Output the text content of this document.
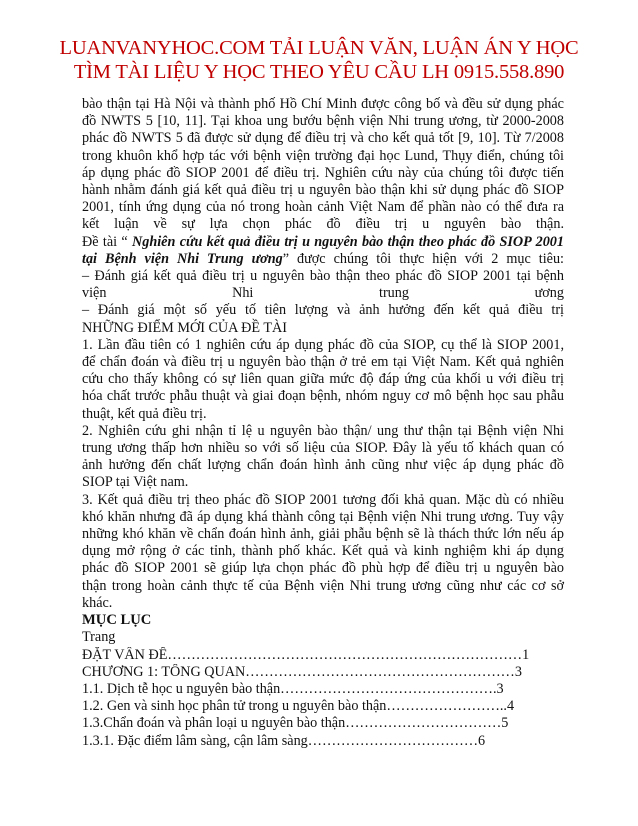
LUANVANYHOC.COM TẢI LUẬN VĂN, LUẬN ÁN Y HỌC
TÌM TÀI LIỆU Y HỌC THEO YÊU CẦU LH 0915.558.890

bào thận tại Hà Nội và thành phố Hồ Chí Minh được công bố và đều sử dụng phác

đồ NWTS 5 [10, 11]. Tại khoa ung bướu bệnh viện Nhi trung ương, từ 2000-2008

phác đồ NWTS 5 đã được sử dụng để điều trị và cho kết quả tốt [9, 10]. Từ 7/2008

trong khuôn khổ hợp tác với bệnh viện trường đại học Lund, Thụy điển, chúng tôi

áp dụng phác đồ SIOP 2001 để điều trị. Nghiên cứu này của chúng tôi được tiến

hành nhằm đánh giá kết quả điều trị u nguyên bào thận khi sử dụng phác đồ SIOP

2001, tính ứng dụng của nó trong hoàn cảnh Việt Nam để phần nào có thể đưa ra

kết luận về sự lựa chọn phác đồ điều trị u nguyên bào thận.

Đề tài “ Nghiên cứu kết quả điều trị u nguyên bào thận theo phác đồ SIOP 2001

tại Bệnh viện Nhi Trung ương” được chúng tôi thực hiện với 2 mục tiêu:

– Đánh giá kết quả điều trị u nguyên bào thận theo phác đồ SIOP 2001 tại bệnh

viện Nhi trung ương

– Đánh giá một số yếu tố tiên lượng và ảnh hưởng đến kết quả điều trị

NHỮNG ĐIỂM MỚI CỦA ĐỀ TÀI

1. Lần đầu tiên có 1 nghiên cứu áp dụng phác đồ của SIOP, cụ thể là SIOP 2001,

để chẩn đoán và điều trị u nguyên bào thận ở trẻ em tại Việt Nam. Kết quả nghiên

cứu cho thấy không có sự liên quan giữa mức độ đáp ứng của khối u với điều trị

hóa chất trước phẫu thuật và giai đoạn bệnh, nhóm nguy cơ mô bệnh học sau phẫu

thuật, kết quả điều trị.

2. Nghiên cứu ghi nhận tỉ lệ u nguyên bào thận/ ung thư thận tại Bệnh viện Nhi

trung ương thấp hơn nhiều so với số liệu của SIOP. Đây là yếu tố khách quan có

ảnh hưởng đến chất lượng chẩn đoán hình ảnh cũng như việc áp dụng phác đồ

SIOP tại Việt nam.

3. Kết quả điều trị theo phác đồ SIOP 2001 tương đối khả quan. Mặc dù có nhiều

khó khăn nhưng đã áp dụng khá thành công tại Bệnh viện Nhi trung ương. Tuy vậy

những khó khăn về chẩn đoán hình ảnh, giải phẫu bệnh sẽ là thách thức lớn nếu áp

dụng mở rộng ở các tỉnh, thành phố khác. Kết quả và kinh nghiệm khi áp dụng

phác đồ SIOP 2001 sẽ giúp lựa chọn phác đồ phù hợp để điều trị u nguyên bào

thận trong hoàn cảnh thực tế của Bệnh viện Nhi trung ương cũng như các cơ sở

khác.

MỤC LỤC

Trang

ĐẶT VẤN ĐỀ…………………………………………………………………1

CHƯƠNG 1: TỔNG QUAN…………………………………………………3

1.1. Dịch tễ học u nguyên bào thận……………………………………….3

1.2. Gen và sinh học phân tử trong u nguyên bào thận……………………..4

1.3.Chẩn đoán và phân loại u nguyên bào thận……………………………5

1.3.1. Đặc điểm lâm sàng, cận lâm sàng………………………………6
